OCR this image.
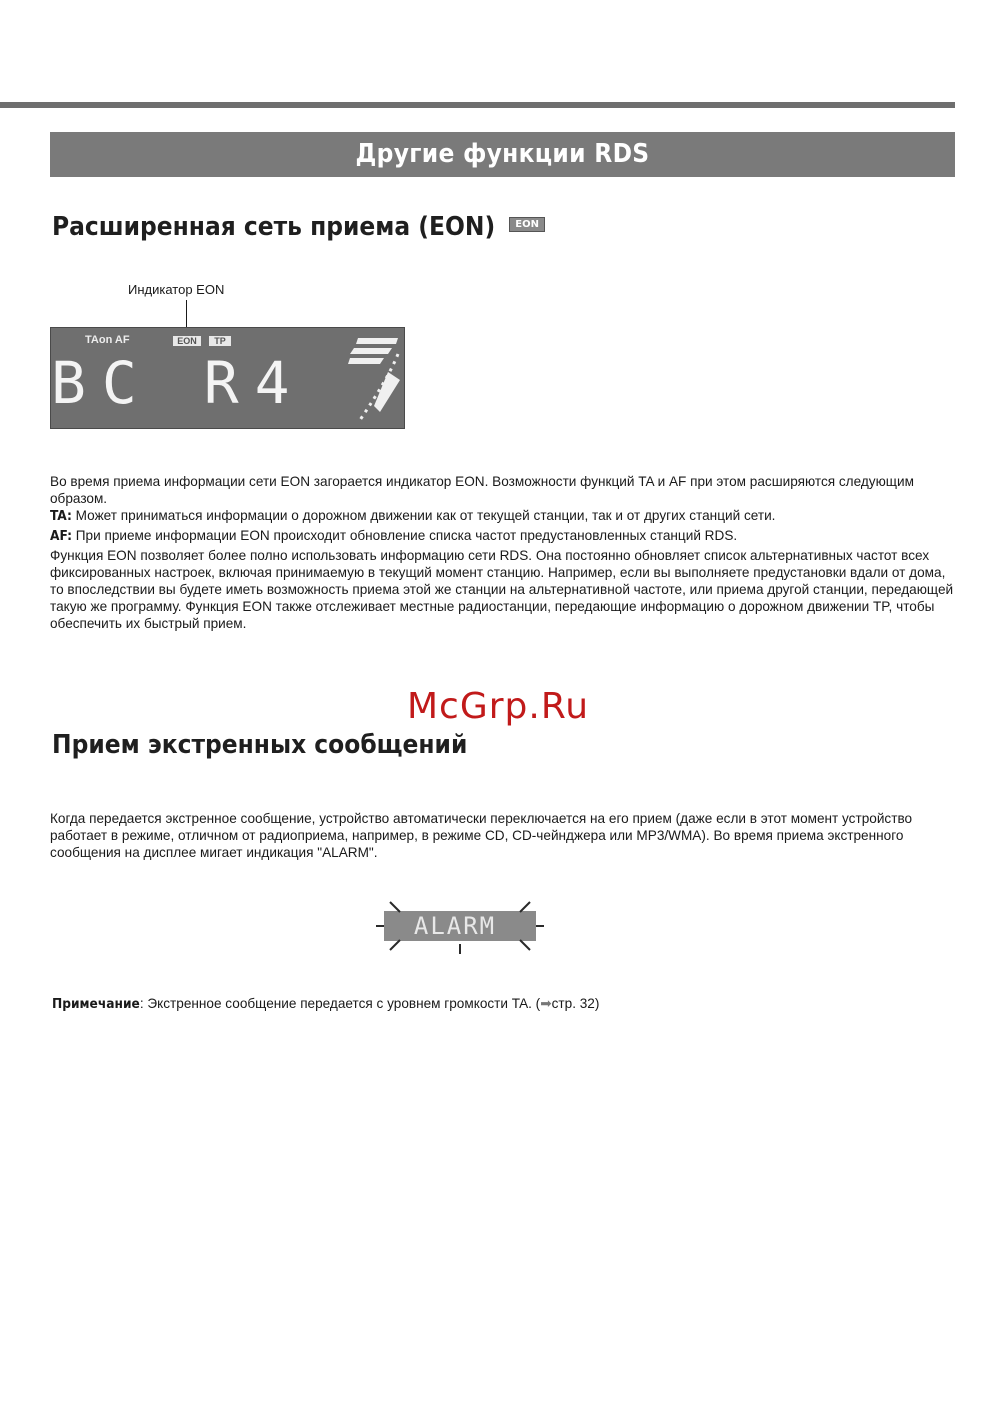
Другие функции RDS
Расширенная сеть приема (EON)	EON
Индикатор EON
TAon AF	EON	TP
BC R4

Во время приема информации сети EON загорается индикатор EON. Возможности функций TA и AF при этом расширяются следующим образом.

TA: Может приниматься информации о дорожном движении как от текущей станции, так и от других станций сети.

AF: При приеме информации EON происходит обновление списка частот предустановленных станций RDS.

Функция EON позволяет более полно использовать информацию сети RDS. Она постоянно обновляет список альтернативных частот всех фиксированных настроек, включая принимаемую в текущий момент станцию. Например, если вы выполняете предустановки вдали от дома, то впоследствии вы будете иметь возможность приема этой же станции на альтернативной частоте, или приема другой станции, передающей такую же программу. Функция EON также отслеживает местные радиостанции, передающие информацию о дорожном движении TP, чтобы обеспечить их быстрый прием.

McGrp.Ru
Прием экстренных сообщений

Когда передается экстренное сообщение, устройство автоматически переключается на его прием (даже если в этот момент устройство работает в режиме, отличном от радиоприема, например, в режиме CD, CD-чейнджера или MP3/WMA). Во время приема экстренного сообщения на дисплее мигает индикация "ALARM".

ALARM
Примечание: Экстренное сообщение передается с уровнем громкости TA. (➡стр. 32)
